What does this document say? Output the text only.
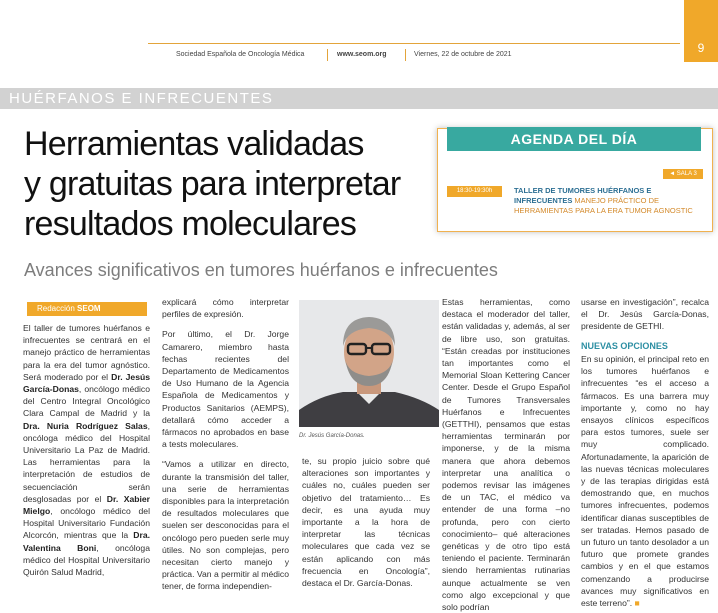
Sociedad Española de Oncología Médica	www.seom.org	Viernes, 22 de octubre de 2021	9
HUÉRFANOS E INFRECUENTES
Herramientas validadas
y gratuitas para interpretar
resultados moleculares
Avances significativos en tumores huérfanos e infrecuentes
AGENDA DEL DÍA
◄ SALA 3
18:30-19:30h	TALLER DE TUMORES HUÉRFANOS E INFRECUENTES MANEJO PRÁCTICO DE HERRAMIENTAS PARA LA ERA TUMOR AGNOSTIC
Redacción SEOM
El taller de tumores huérfanos e infrecuentes se centrará en el manejo práctico de herramientas para la era del tumor agnóstico. Será moderado por el Dr. Jesús García-Donas, oncólogo médico del Centro Integral Oncológico Clara Campal de Madrid y la Dra. Nuria Rodríguez Salas, oncóloga médico del Hospital Universitario La Paz de Madrid. Las herramientas para la interpretación de estudios de secuenciación serán desglosadas por el Dr. Xabier Mielgo, oncólogo médico del Hospital Universitario Fundación Alcorcón, mientras que la Dra. Valentina Boni, oncóloga médico del Hospital Universitario Quirón Salud Madrid,

explicará cómo interpretar perfiles de expresión.

Por último, el Dr. Jorge Camarero, miembro hasta fechas recientes del Departamento de Medicamentos de Uso Humano de la Agencia Española de Medicamentos y Productos Sanitarios (AEMPS), detallará cómo acceder a fármacos no aprobados en base a tests moleculares.

“Vamos a utilizar en directo, durante la transmisión del taller, una serie de herramientas disponibles para la interpretación de resultados moleculares que suelen ser desconocidas para el oncólogo pero pueden serle muy útiles. No son complejas, pero necesitan cierto manejo y práctica. Van a permitir al médico tener, de forma independien-

Dr. Jesús García-Donas.

te, su propio juicio sobre qué alteraciones son importantes y cuáles no, cuáles pueden ser objetivo del tratamiento… Es decir, es una ayuda muy importante a la hora de interpretar las técnicas moleculares que cada vez se están aplicando con más frecuencia en Oncología”, destaca el Dr. García-Donas.

Estas herramientas, como destaca el moderador del taller, están validadas y, además, al ser de libre uso, son gratuitas. “Están creadas por instituciones tan importantes como el Memorial Sloan Kettering Cancer Center. Desde el Grupo Español de Tumores Transversales Huérfanos e Infrecuentes (GETTHI), pensamos que estas herramientas terminarán por imponerse, y de la misma manera que ahora debemos interpretar una analítica o podemos revisar las imágenes de un TAC, el médico va entender de una forma –no profunda, pero con cierto conocimiento– qué alteraciones genéticas y de otro tipo está teniendo el paciente. Terminarán siendo herramientas rutinarias aunque actualmente se ven como algo excepcional y que solo podrían

usarse en investigación”, recalca el Dr. Jesús García-Donas, presidente de GETHI.

NUEVAS OPCIONES

En su opinión, el principal reto en los tumores huérfanos e infrecuentes “es el acceso a fármacos. Es una barrera muy importante y, como no hay ensayos clínicos específicos para estos tumores, suele ser muy complicado. Afortunadamente, la aparición de las nuevas técnicas moleculares y de las terapias dirigidas está demostrando que, en muchos tumores infrecuentes, podemos identificar dianas susceptibles de ser tratadas. Hemos pasado de un futuro un tanto desolador a un futuro que promete grandes cambios y en el que estamos comenzando a producirse avances muy significativos en este terreno”. ■
